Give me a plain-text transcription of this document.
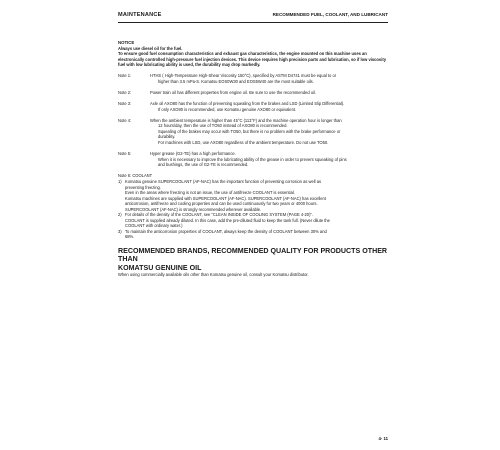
MAINTENANCE	RECOMMENDED FUEL, COOLANT, AND LUBRICANT
NOTICE
Always use diesel oil for the fuel.
To ensure good fuel consumption characteristics and exhaust gas characteristics, the engine mounted on this machine uses an electronically controlled high-pressure fuel injection devices. This device requires high precision parts and lubrication, so if low viscosity fuel with low lubricating ability is used, the durability may drop markedly.
Note 1:	HTHS ( High-Temperature High-Shear Viscosity 150°C), specified by ASTM D4741 must be equal to or
higher than 3.5 mPa-S. Komatsu EOS0W30 and EOS5W40 are the most suitable oils.
Note 2:	Power train oil has different properties from engine oil. Be sure to use the recommended oil.
Note 3:	Axle oil AXO80 has the function of preventing squealing from the brakes and LSD (Limited Slip Differential).
If only AXO80 is recommended, use Komatsu genuine AXO80 or equivalent.
Note 4:	When the ambient temperature is higher than 45°C (113°F) and the machine operation hour is longer than
12 hours/day, then the use of TO50 instead of AXO80 is recommended.
Squealing of the brakes may occur with TO50, but there is no problem with the brake performance or
durability.
For machines with LSD, use AXO80 regardless of the ambient temperature. Do not use TO50.
Note 5:	Hyper grease (G2-TE) has a high performance.
When it is necessary to improve the lubricating ability of the grease in order to prevent squeaking of pins
and bushings, the use of G2-TE is recommended.
Note 6: COOLANT
1) Komatsu genuine SUPERCOOLANT (AF-NAC) has the important function of preventing corrosion as well as
preventing freezing.
Even in the areas where freezing is not an issue, the use of antifreeze COOLANT is essential.
Komatsu machines are supplied with SUPERCOOLANT (AF-NAC). SUPERCOOLANT (AF-NAC) has excellent
anticorrosion, antifreeze and cooling properties and can be used continuously for two years or 4000 hours.
SUPERCOOLANT (AF-NAC) is strongly recommended wherever available.
2) For details of the density of the COOLANT, see "CLEAN INSIDE OF COOLING SYSTEM (PAGE 4-20)".
COOLANT is supplied already diluted. In this case, add the pre-diluted fluid to keep the tank full. (Never dilute the
COOLANT with ordinary water.)
3) To maintain the anticorrosion properties of COOLANT, always keep the density of COOLANT between 30% and
68%.
RECOMMENDED BRANDS, RECOMMENDED QUALITY FOR PRODUCTS OTHER THAN
KOMATSU GENUINE OIL
When using commercially available oils other than Komatsu genuine oil, consult your Komatsu distributor.
4- 11
